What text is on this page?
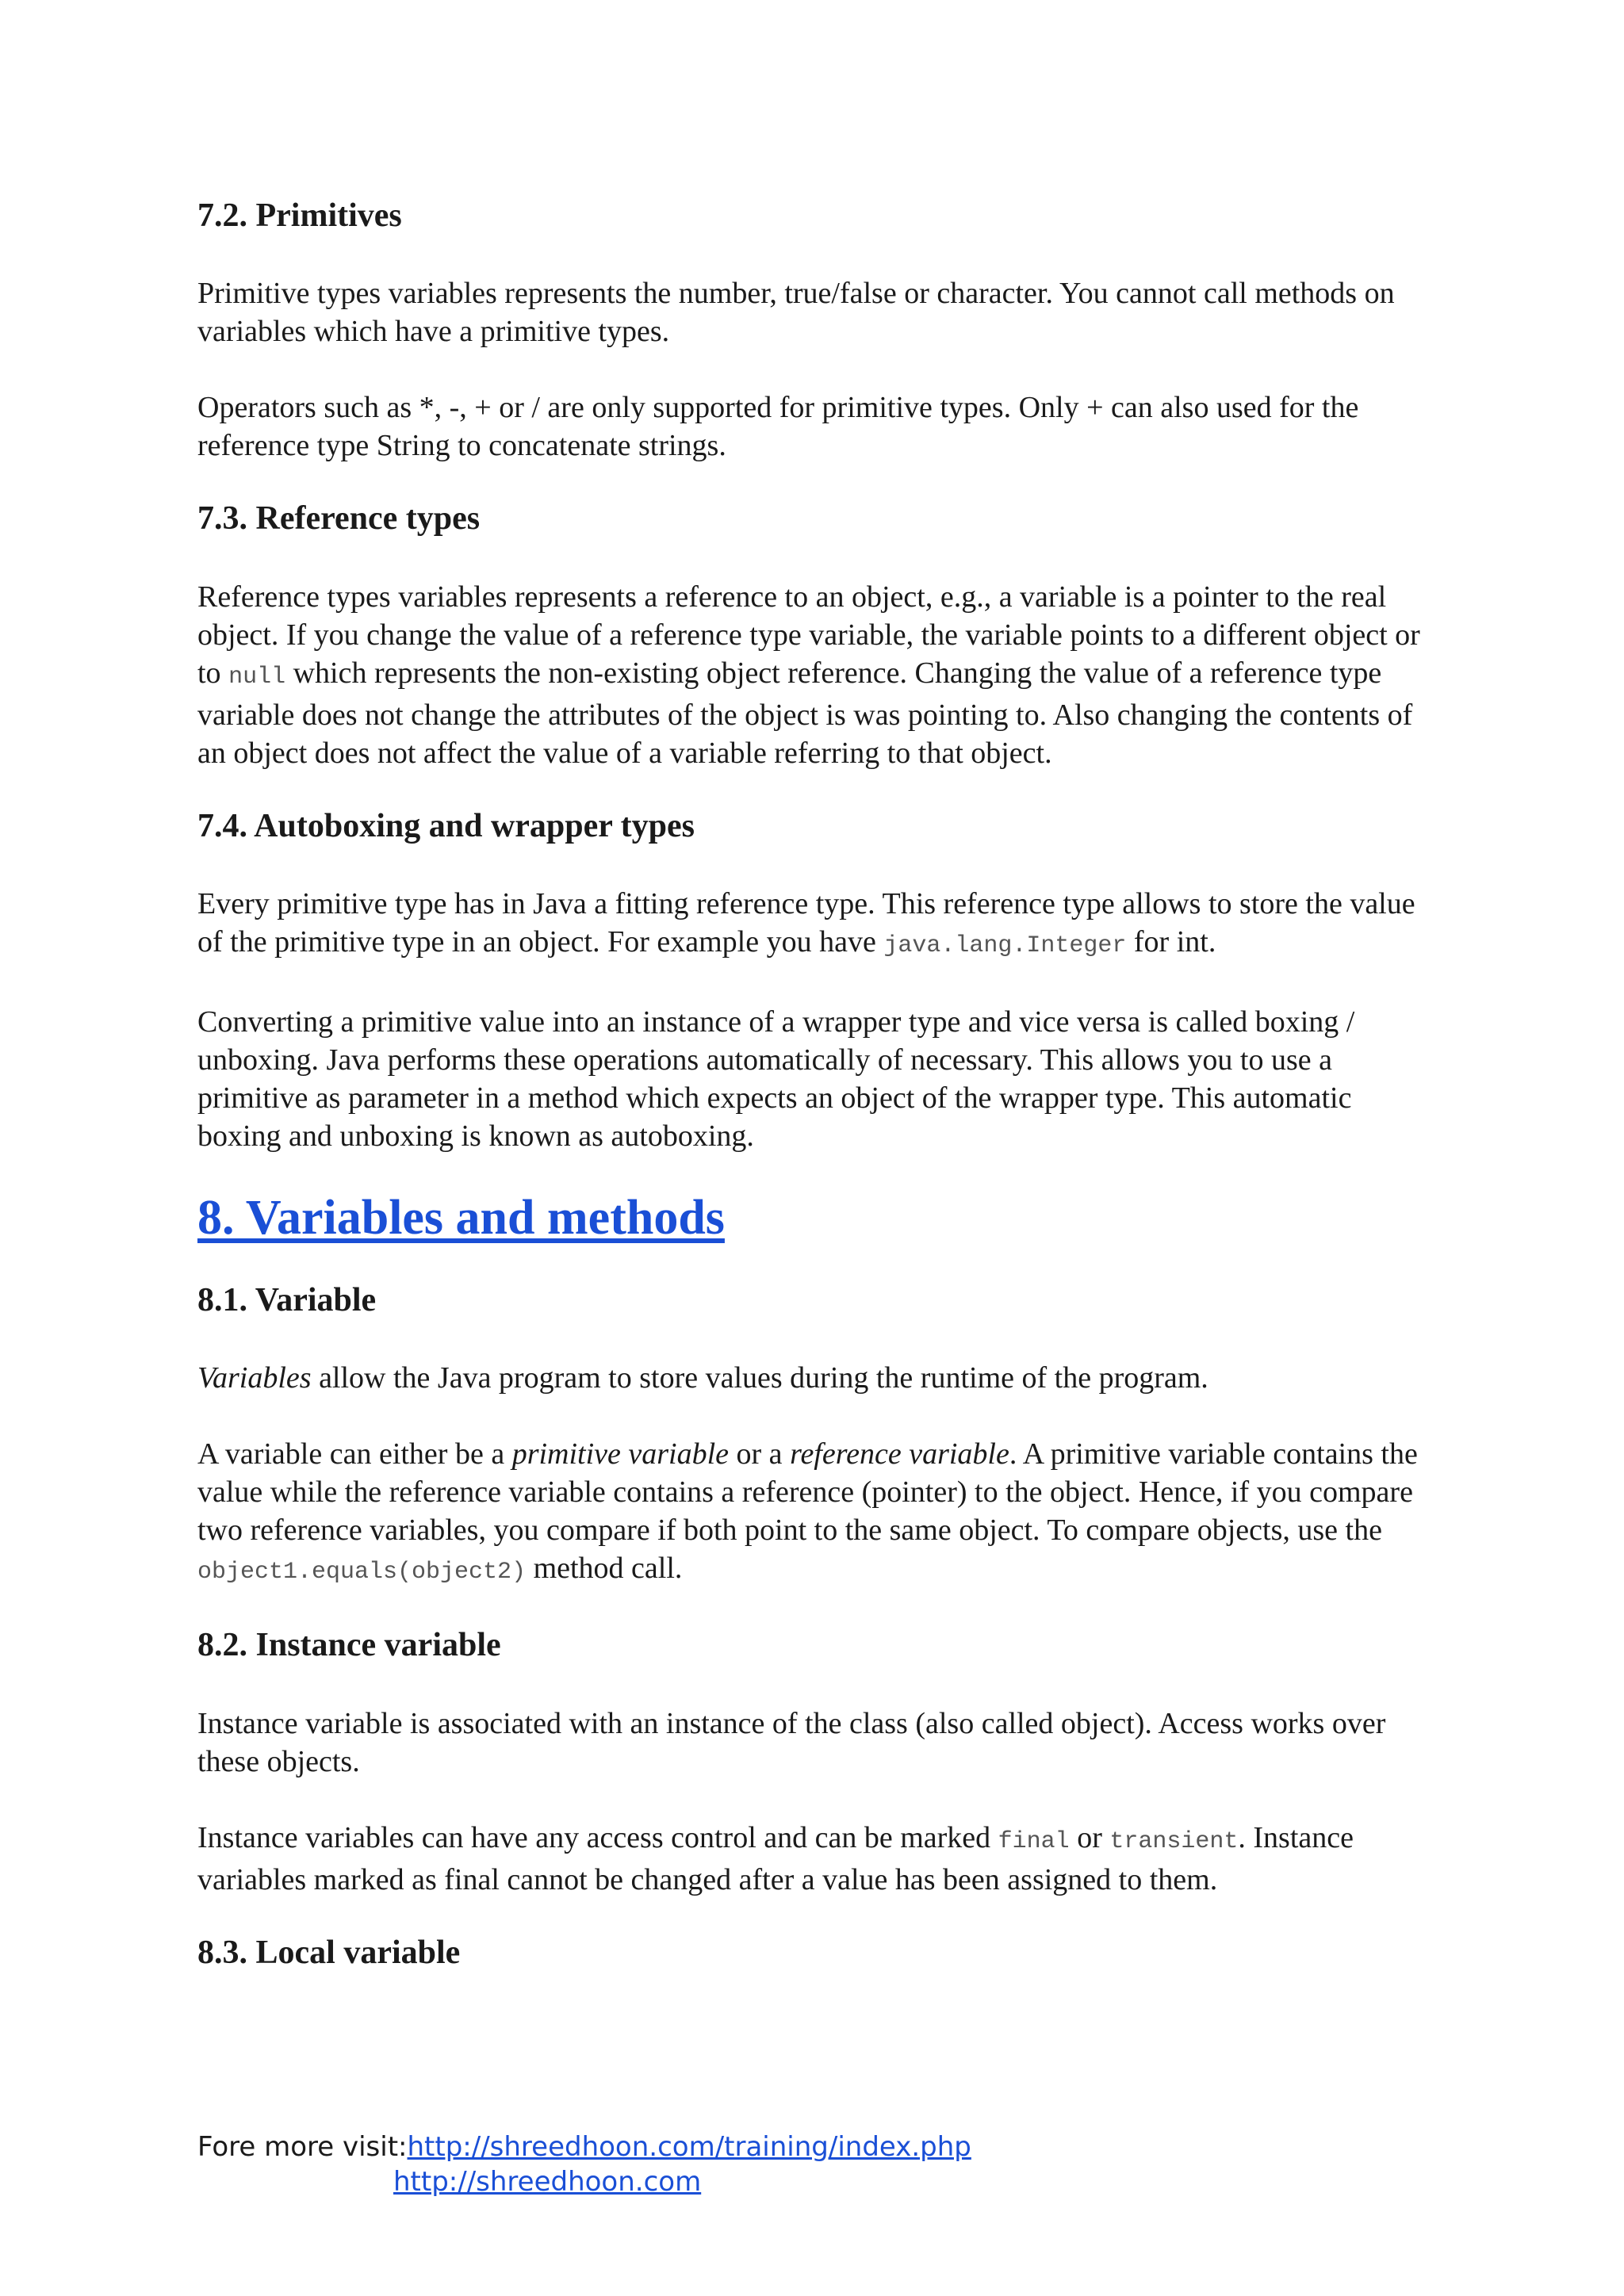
7.2. Primitives

Primitive types variables represents the number, true/false or character. You cannot call methods on variables which have a primitive types.

Operators such as *, -, + or / are only supported for primitive types. Only + can also used for the reference type String to concatenate strings.

7.3. Reference types

Reference types variables represents a reference to an object, e.g., a variable is a pointer to the real object. If you change the value of a reference type variable, the variable points to a different object or to null which represents the non-existing object reference. Changing the value of a reference type variable does not change the attributes of the object is was pointing to. Also changing the contents of an object does not affect the value of a variable referring to that object.

7.4. Autoboxing and wrapper types

Every primitive type has in Java a fitting reference type. This reference type allows to store the value of the primitive type in an object. For example you have java.lang.Integer for int.

Converting a primitive value into an instance of a wrapper type and vice versa is called boxing / unboxing. Java performs these operations automatically of necessary. This allows you to use a primitive as parameter in a method which expects an object of the wrapper type. This automatic boxing and unboxing is known as autoboxing.

8. Variables and methods
8.1. Variable

Variables allow the Java program to store values during the runtime of the program.

A variable can either be a primitive variable or a reference variable. A primitive variable contains the value while the reference variable contains a reference (pointer) to the object. Hence, if you compare two reference variables, you compare if both point to the same object. To compare objects, use the object1.equals(object2) method call.

8.2. Instance variable

Instance variable is associated with an instance of the class (also called object). Access works over these objects.

Instance variables can have any access control and can be marked final or transient. Instance variables marked as final cannot be changed after a value has been assigned to them.

8.3. Local variable
Fore more visit:http://shreedhoon.com/training/index.php
http://shreedhoon.com
